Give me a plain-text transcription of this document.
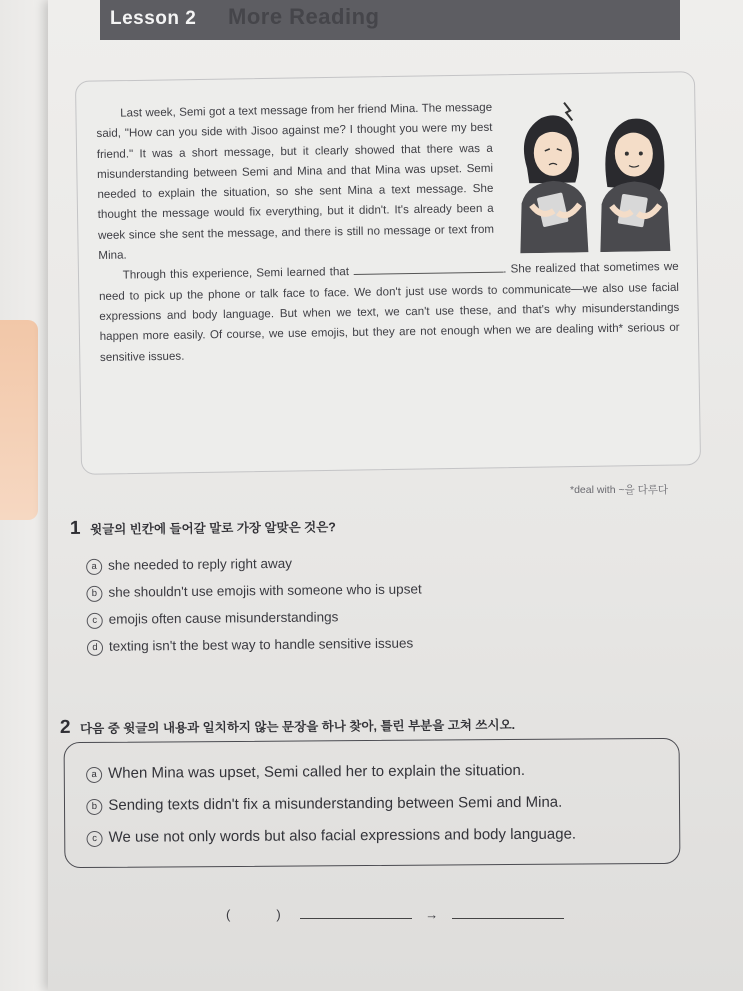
Lesson 2 More Reading

Last week, Semi got a text message from her friend Mina. The message said, "How can you side with Jisoo against me? I thought you were my best friend." It was a short message, but it clearly showed that there was a misunderstanding between Semi and Mina and that Mina was upset. Semi needed to explain the situation, so she sent Mina a text message. She thought the message would fix everything, but it didn't. It's already been a week since she sent the message, and there is still no message or text from Mina.

Through this experience, Semi learned that	. She realized that sometimes we need to pick up the phone or talk face to face. We don't just use words to communicate—we also use facial expressions and body language. But when we text, we can't use these, and that's why misunderstandings happen more easily. Of course, we use emojis, but they are not enough when we are dealing with* serious or sensitive issues.

*deal with ~을 다루다
1 윗글의 빈칸에 들어갈 말로 가장 알맞은 것은?
a she needed to reply right away
b she shouldn't use emojis with someone who is upset
c emojis often cause misunderstandings
d texting isn't the best way to handle sensitive issues
2 다음 중 윗글의 내용과 일치하지 않는 문장을 하나 찾아, 틀린 부분을 고쳐 쓰시오.
a When Mina was upset, Semi called her to explain the situation.
b Sending texts didn't fix a misunderstanding between Semi and Mina.
c We use not only words but also facial expressions and body language.
(	)	→
